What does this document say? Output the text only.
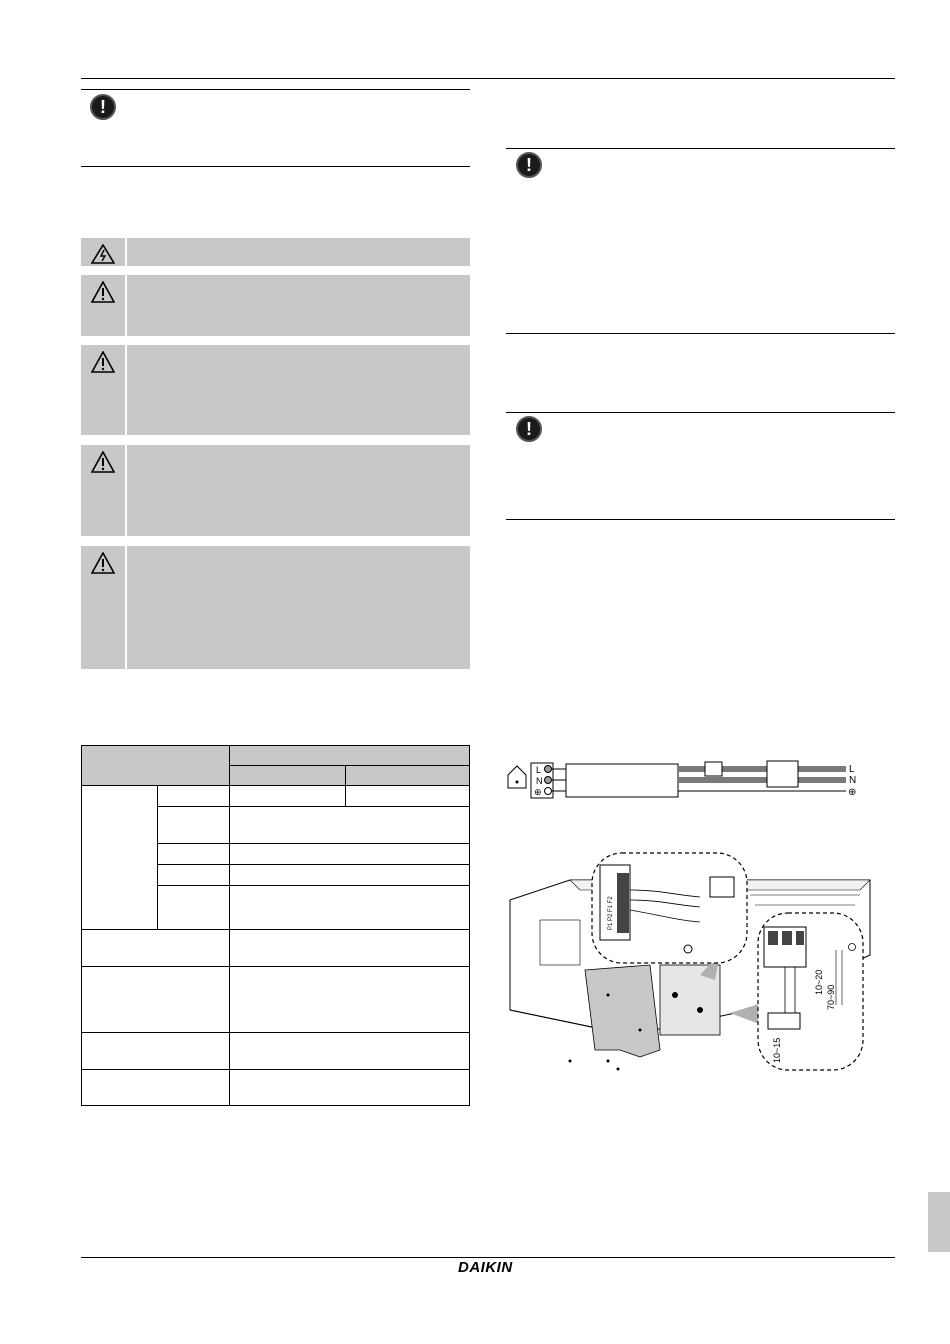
!
!
!
L
N
⊕
L
N
⊕
P1 P2 F1 F2
10~20
70~90
10~15
DAIKIN
